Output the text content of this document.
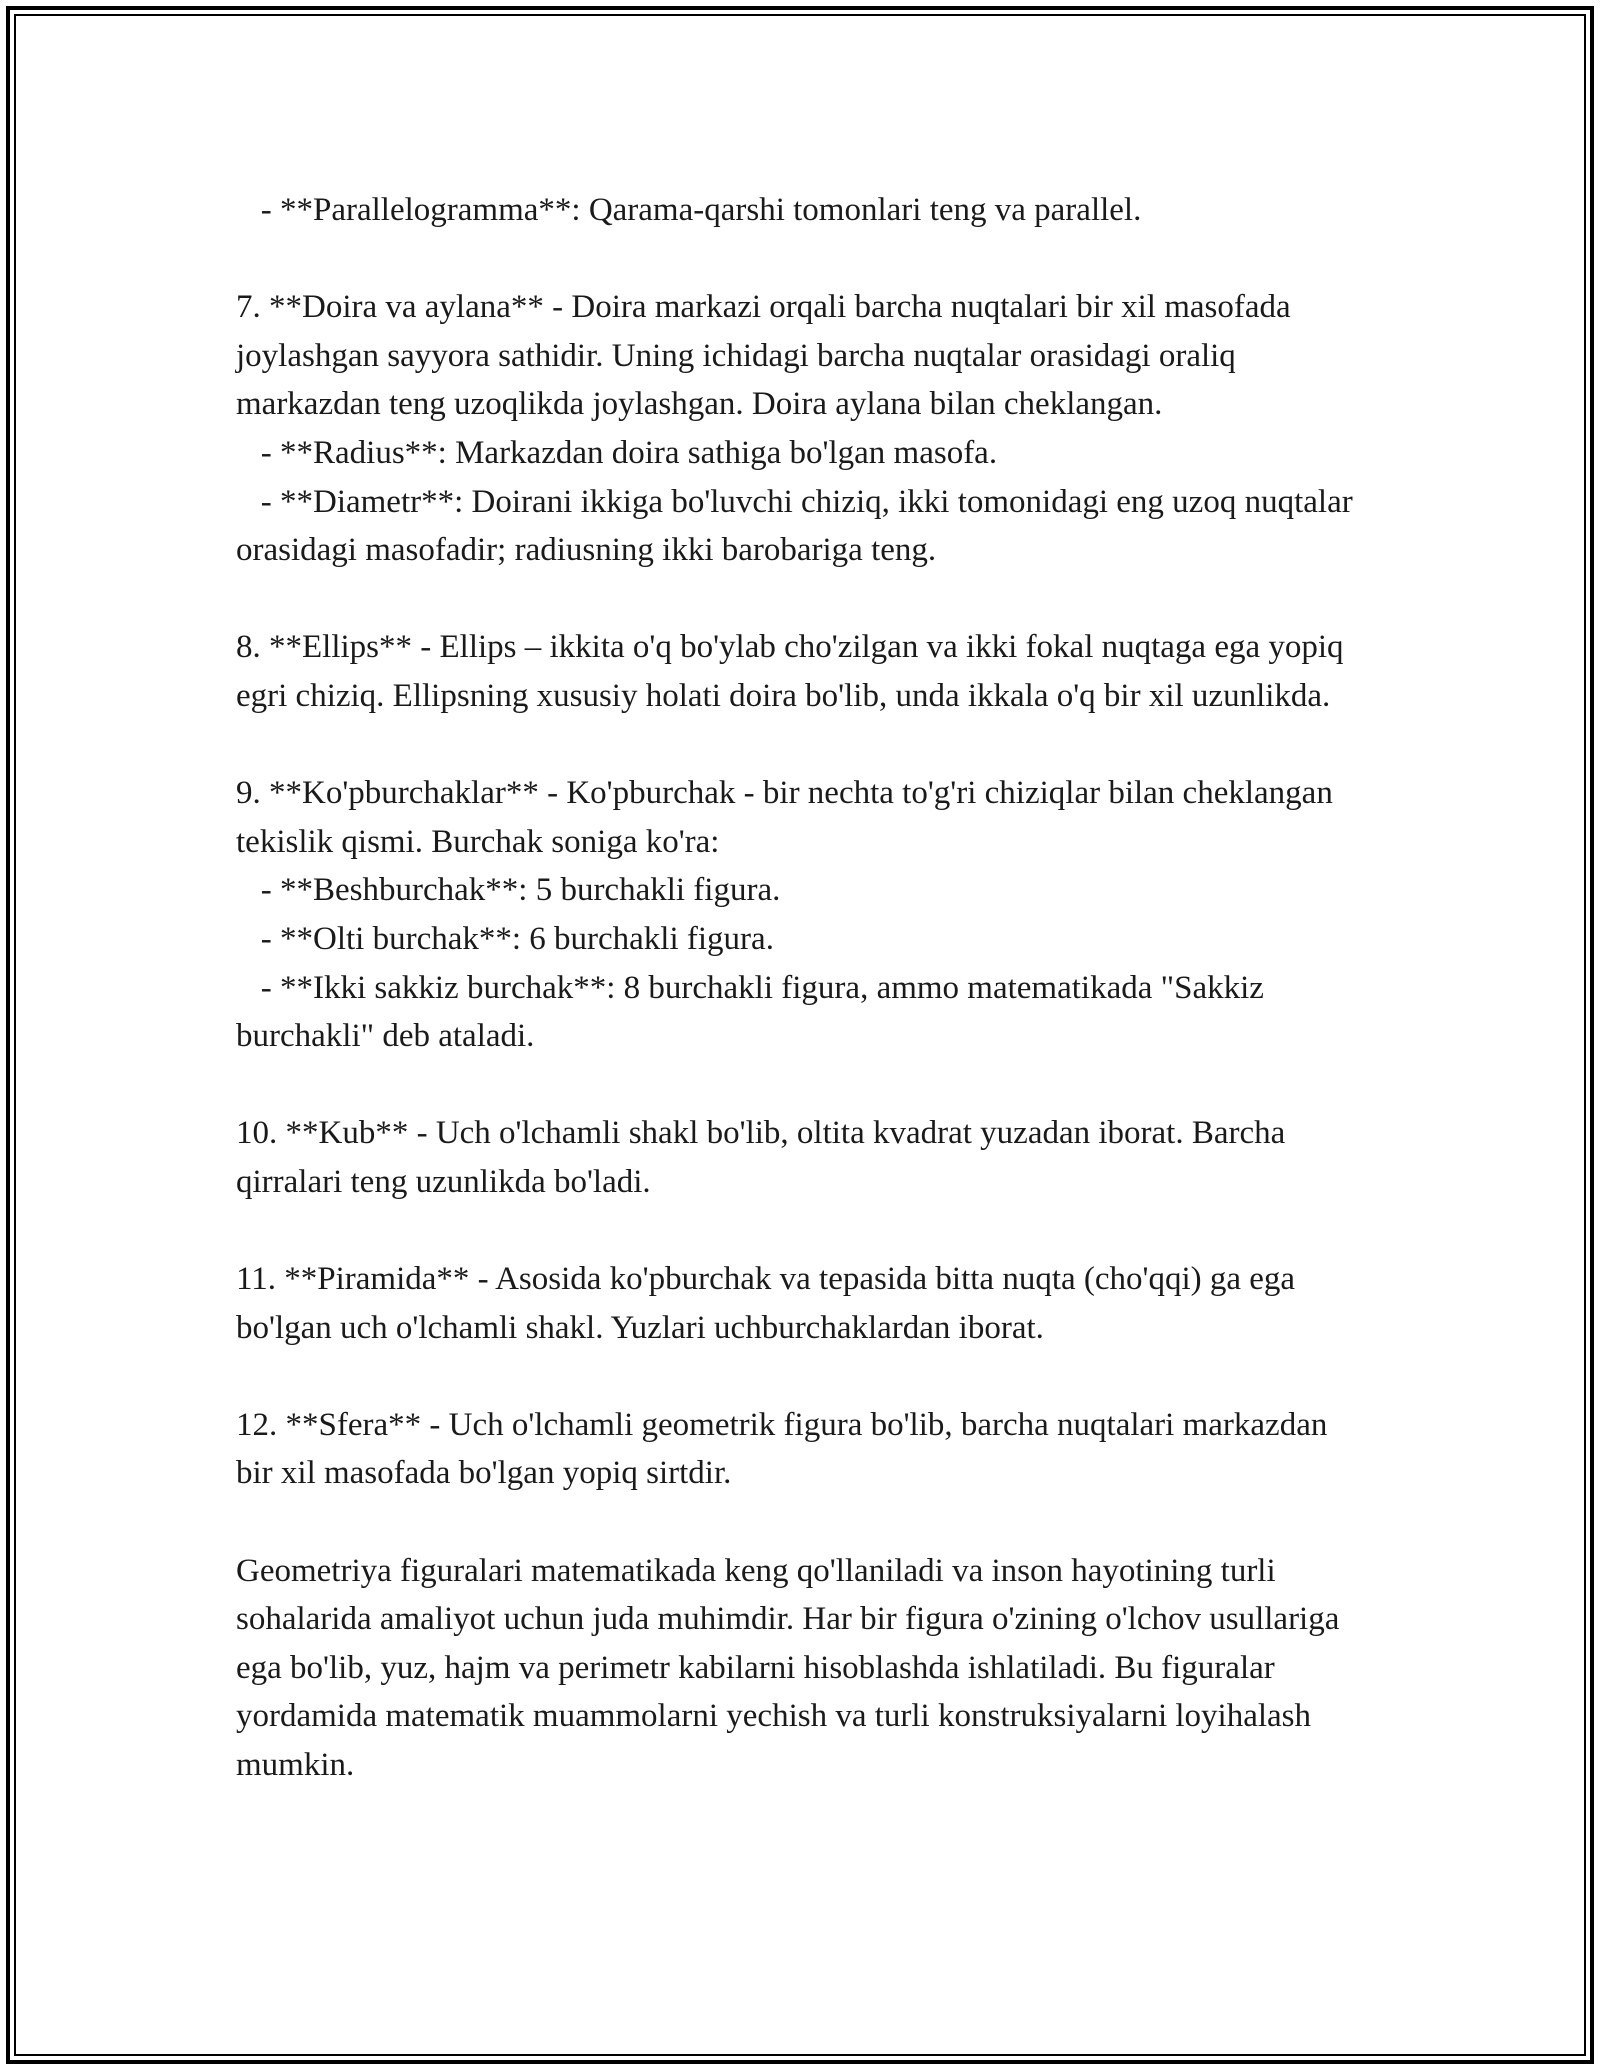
- **Parallelogramma**: Qarama-qarshi tomonlari teng va parallel.

7. **Doira va aylana** - Doira markazi orqali barcha nuqtalari bir xil masofada joylashgan sayyora sathidir. Uning ichidagi barcha nuqtalar orasidagi oraliq markazdan teng uzoqlikda joylashgan. Doira aylana bilan cheklangan.

- **Radius**: Markazdan doira sathiga bo'lgan masofa.

- **Diametr**: Doirani ikkiga bo'luvchi chiziq, ikki tomonidagi eng uzoq nuqtalar orasidagi masofadir; radiusning ikki barobariga teng.

8. **Ellips** - Ellips – ikkita o'q bo'ylab cho'zilgan va ikki fokal nuqtaga ega yopiq egri chiziq. Ellipsning xususiy holati doira bo'lib, unda ikkala o'q bir xil uzunlikda.

9. **Ko'pburchaklar** - Ko'pburchak - bir nechta to'g'ri chiziqlar bilan cheklangan tekislik qismi. Burchak soniga ko'ra:

- **Beshburchak**: 5 burchakli figura.

- **Olti burchak**: 6 burchakli figura.

- **Ikki sakkiz burchak**: 8 burchakli figura, ammo matematikada "Sakkiz burchakli" deb ataladi.

10. **Kub** - Uch o'lchamli shakl bo'lib, oltita kvadrat yuzadan iborat. Barcha qirralari teng uzunlikda bo'ladi.

11. **Piramida** - Asosida ko'pburchak va tepasida bitta nuqta (cho'qqi) ga ega bo'lgan uch o'lchamli shakl. Yuzlari uchburchaklardan iborat.

12. **Sfera** - Uch o'lchamli geometrik figura bo'lib, barcha nuqtalari markazdan bir xil masofada bo'lgan yopiq sirtdir.

Geometriya figuralari matematikada keng qo'llaniladi va inson hayotining turli sohalarida amaliyot uchun juda muhimdir. Har bir figura o'zining o'lchov usullariga ega bo'lib, yuz, hajm va perimetr kabilarni hisoblashda ishlatiladi. Bu figuralar yordamida matematik muammolarni yechish va turli konstruksiyalarni loyihalash mumkin.
